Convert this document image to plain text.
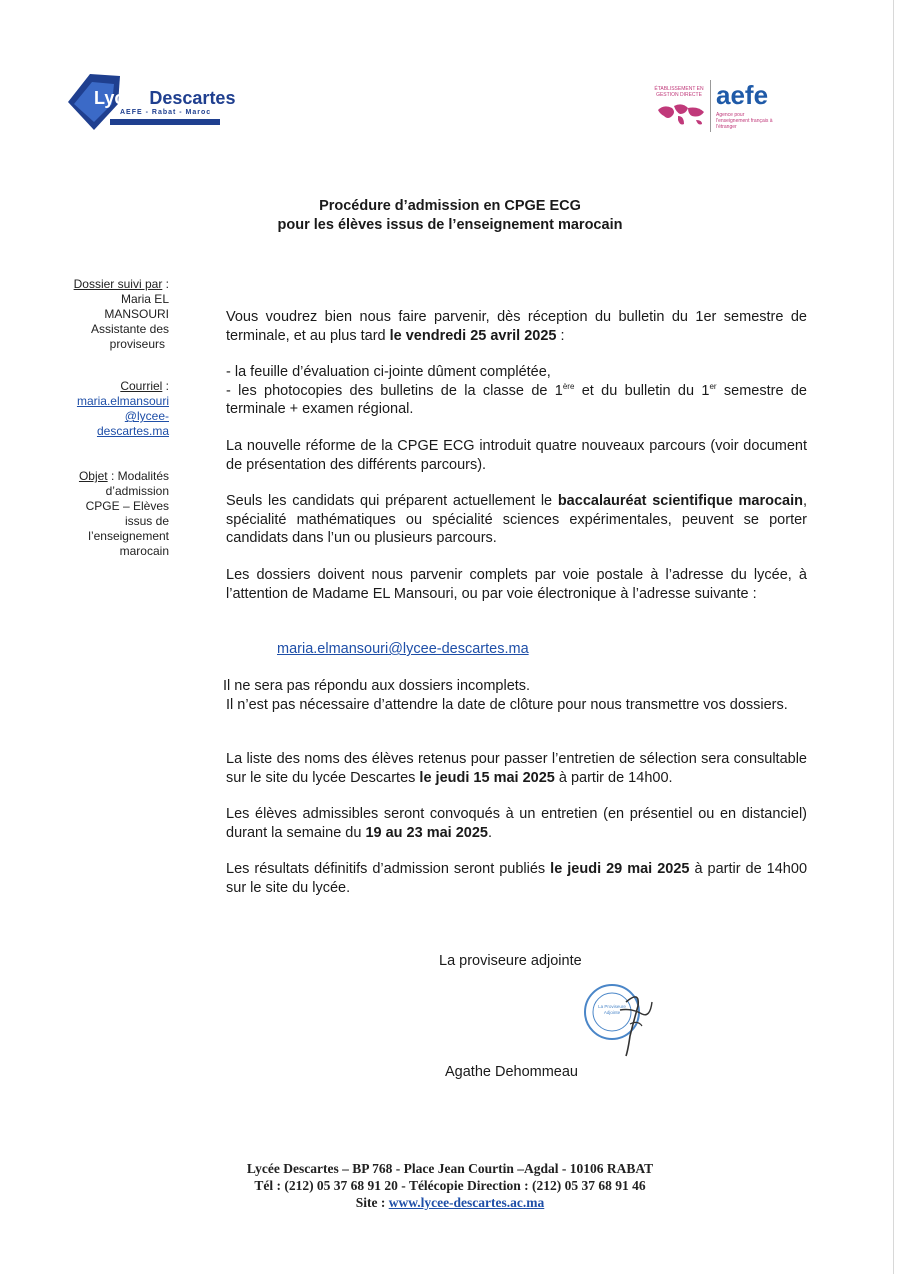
Lycée Descartes
AEFE - Rabat - Maroc
ÉTABLISSEMENT EN GESTION DIRECTE aefe
Agence pour l'enseignement français à l'étranger
Procédure d’admission en CPGE ECG
pour les élèves issus de l’enseignement marocain
Dossier suivi par :
Maria EL
MANSOURI
Assistante des
proviseurs
Courriel :
maria.elmansouri
@lycee-
descartes.ma
Objet : Modalités
d’admission
CPGE – Elèves
issus de
l’enseignement
marocain

Vous voudrez bien nous faire parvenir, dès réception du bulletin du 1er semestre de terminale, et au plus tard le vendredi 25 avril 2025 :

- la feuille d’évaluation ci-jointe dûment complétée,

- les photocopies des bulletins de la classe de 1ère et du bulletin du 1er semestre de terminale + examen régional.

La nouvelle réforme de la CPGE ECG introduit quatre nouveaux parcours (voir document de présentation des différents parcours).

Seuls les candidats qui préparent actuellement le baccalauréat scientifique marocain, spécialité mathématiques ou spécialité sciences expérimentales, peuvent se porter candidats dans l’un ou plusieurs parcours.

Les dossiers doivent nous parvenir complets par voie postale à l’adresse du lycée, à l’attention de Madame EL Mansouri, ou par voie électronique à l’adresse suivante :

maria.elmansouri@lycee-descartes.ma

Il ne sera pas répondu aux dossiers incomplets.

Il n’est pas nécessaire d’attendre la date de clôture pour nous transmettre vos dossiers.

La liste des noms des élèves retenus pour passer l’entretien de sélection sera consultable sur le site du lycée Descartes le jeudi 15 mai 2025 à partir de 14h00.

Les élèves admissibles seront convoqués à un entretien (en présentiel ou en distanciel) durant la semaine du 19 au 23 mai 2025.

Les résultats définitifs d’admission seront publiés le jeudi 29 mai 2025 à partir de 14h00 sur le site du lycée.

La proviseure adjointe
La Proviseure Adjointe
Agathe Dehommeau
Lycée Descartes – BP 768 - Place Jean Courtin –Agdal - 10106 RABAT
Tél : (212) 05 37 68 91 20 - Télécopie Direction : (212) 05 37 68 91 46
Site : www.lycee-descartes.ac.ma
